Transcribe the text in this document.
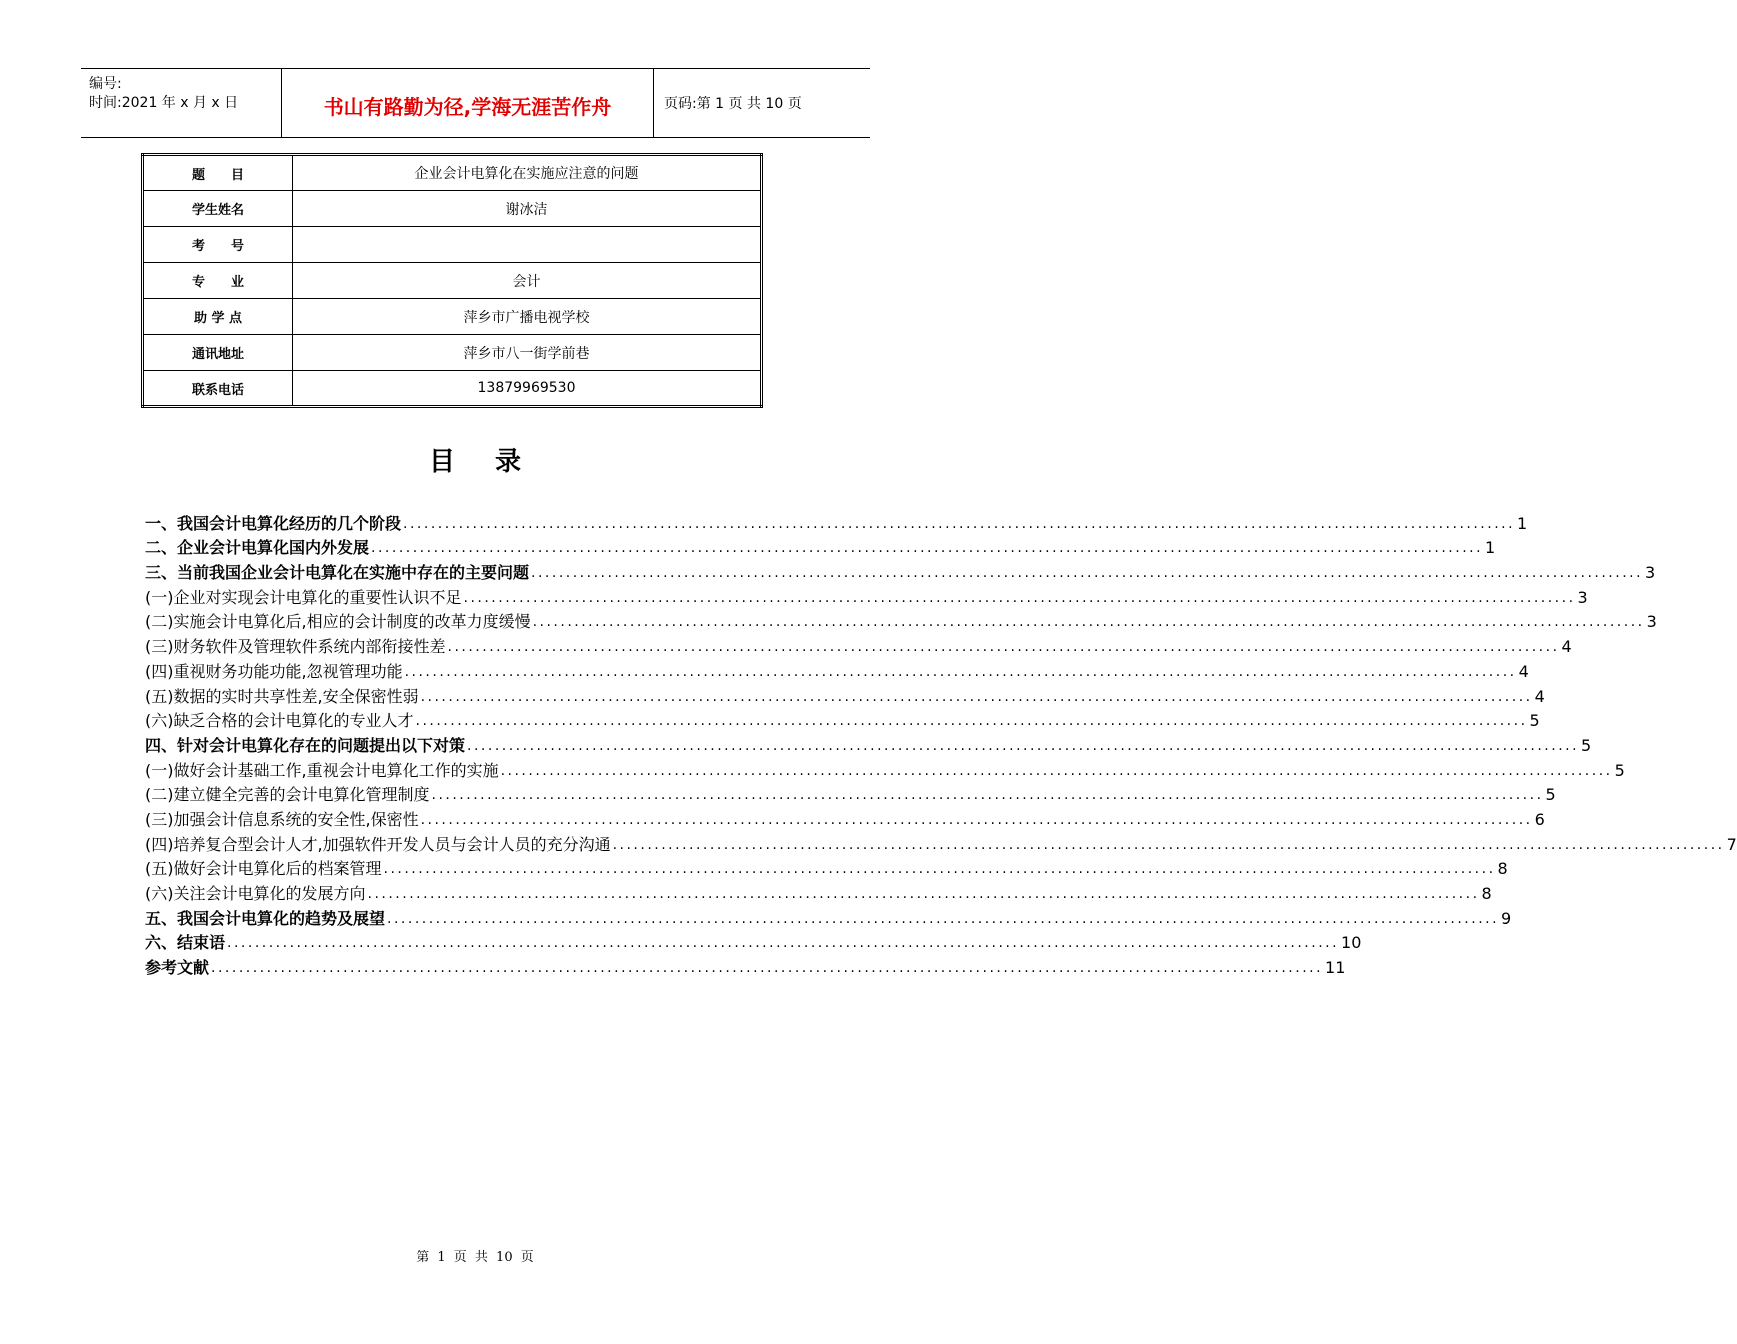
编号:
时间:2021 年 x 月 x 日	书山有路勤为径,学海无涯苦作舟	页码:第 1 页 共 10 页
题　　目	企业会计电算化在实施应注意的问题
学生姓名	谢冰洁
考　　号	
专　　业	会计
助 学 点	萍乡市广播电视学校
通讯地址	萍乡市八一街学前巷
联系电话	13879969530
目录
一、我国会计电算化经历的几个阶段 ................................................................................................................................................................ 1
二、企业会计电算化国内外发展 ................................................................................................................................................................ 1
三、当前我国企业会计电算化在实施中存在的主要问题 ................................................................................................................................................................ 3
(一)企业对实现会计电算化的重要性认识不足 ................................................................................................................................................................ 3
(二)实施会计电算化后,相应的会计制度的改革力度缓慢 ................................................................................................................................................................ 3
(三)财务软件及管理软件系统内部衔接性差 ................................................................................................................................................................ 4
(四)重视财务功能功能,忽视管理功能 ................................................................................................................................................................ 4
(五)数据的实时共享性差,安全保密性弱 ................................................................................................................................................................ 4
(六)缺乏合格的会计电算化的专业人才 ................................................................................................................................................................ 5
四、针对会计电算化存在的问题提出以下对策 ................................................................................................................................................................ 5
(一)做好会计基础工作,重视会计电算化工作的实施 ................................................................................................................................................................ 5
(二)建立健全完善的会计电算化管理制度 ................................................................................................................................................................ 5
(三)加强会计信息系统的安全性,保密性 ................................................................................................................................................................ 6
(四)培养复合型会计人才,加强软件开发人员与会计人员的充分沟通 ................................................................................................................................................................ 7
(五)做好会计电算化后的档案管理 ................................................................................................................................................................ 8
(六)关注会计电算化的发展方向 ................................................................................................................................................................ 8
五、我国会计电算化的趋势及展望 ................................................................................................................................................................ 9
六、结束语 ................................................................................................................................................................ 10
参考文献 ................................................................................................................................................................ 11
第 1 页 共 10 页
